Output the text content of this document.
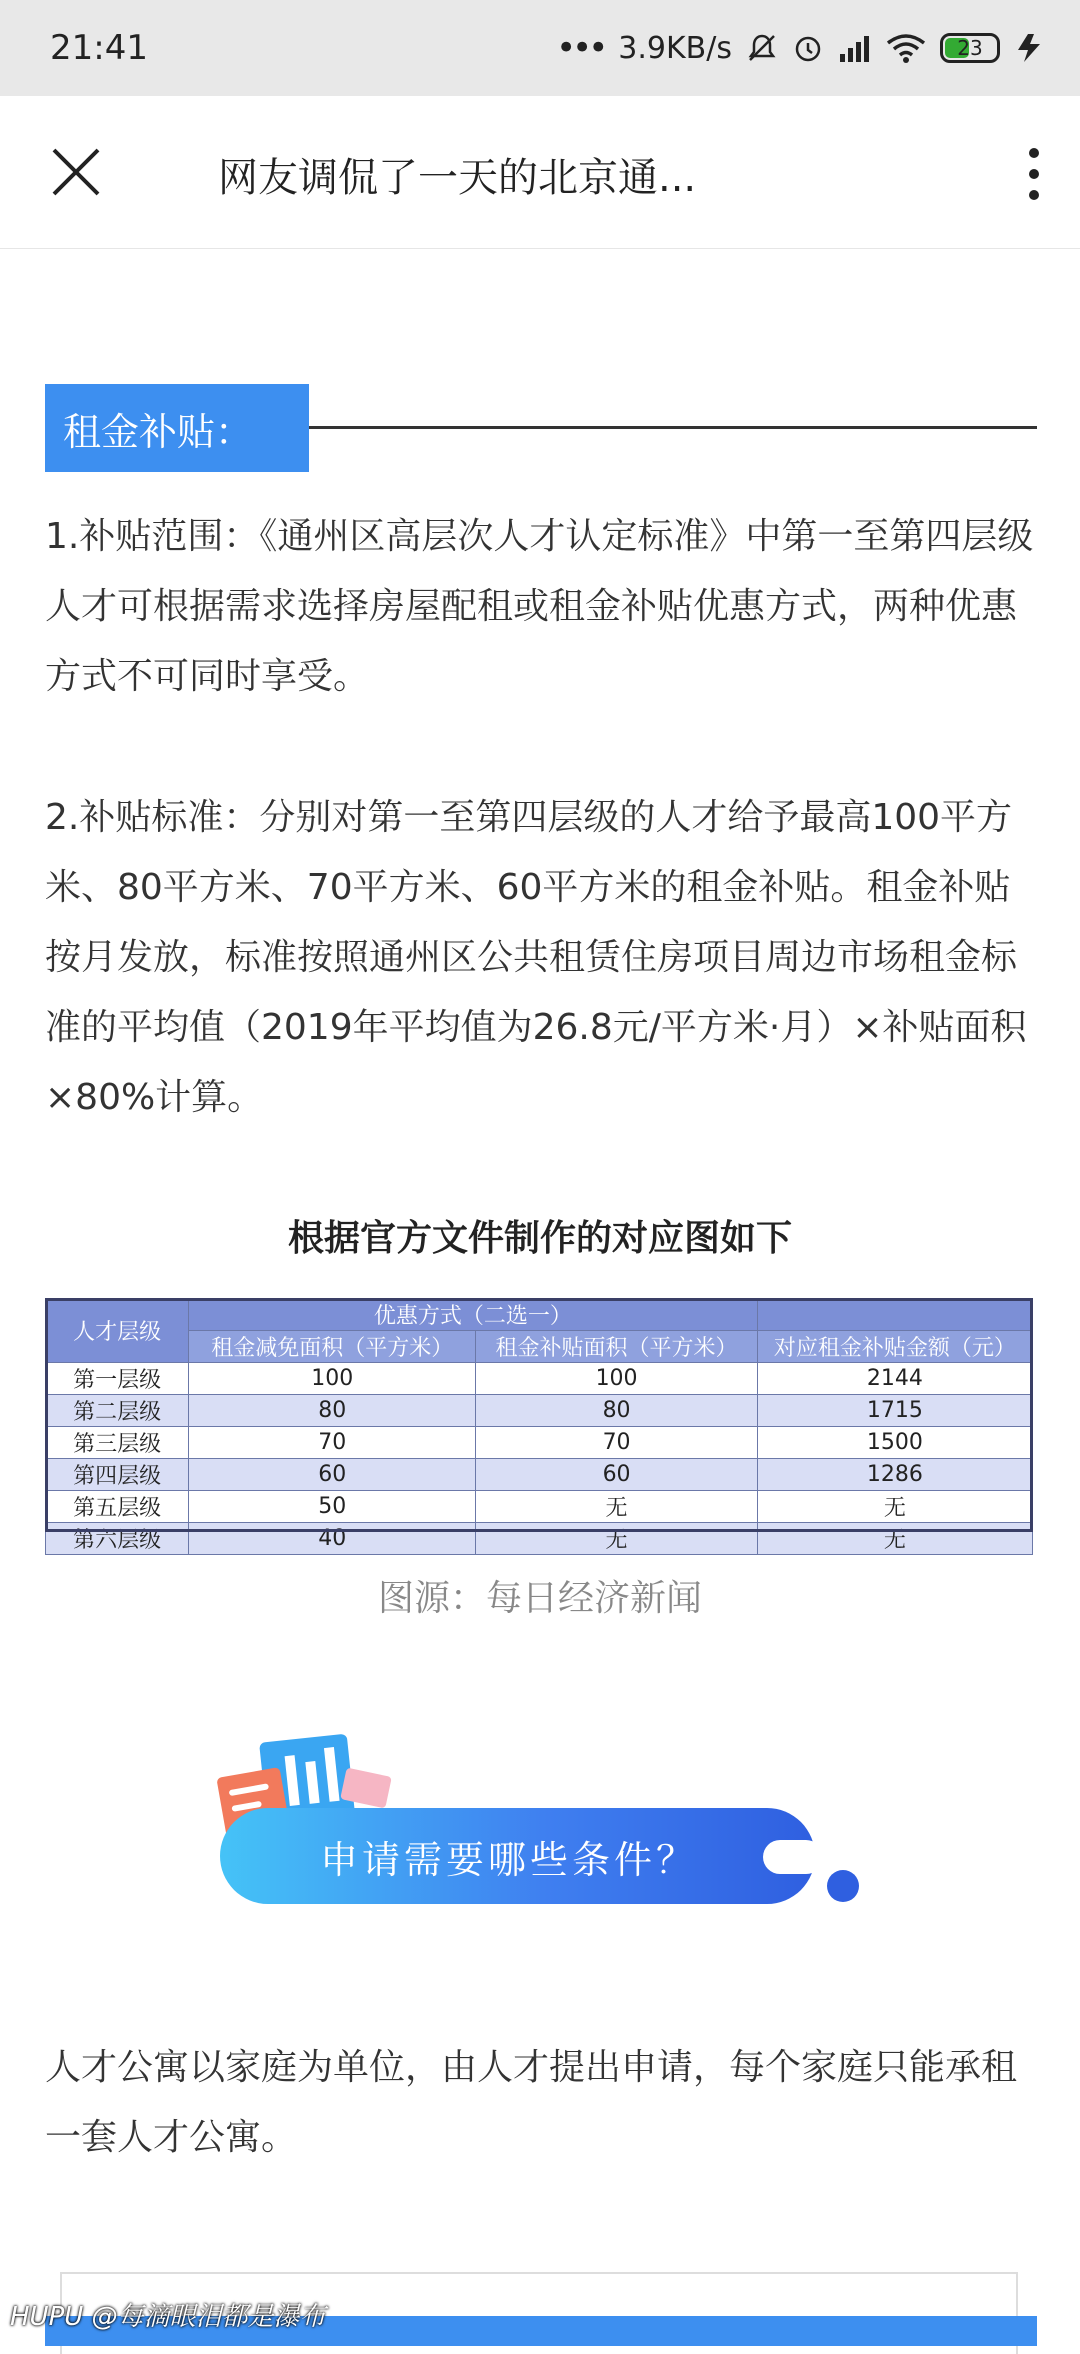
21:41	••• 3.9KB/s	23
网友调侃了一天的北京通...
租金补贴：
1.补贴范围：《通州区高层次人才认定标准》中第一至第四层级人才可根据需求选择房屋配租或租金补贴优惠方式，两种优惠方式不可同时享受。
2.补贴标准：分别对第一至第四层级的人才给予最高100平方米、80平方米、70平方米、60平方米的租金补贴。租金补贴按月发放，标准按照通州区公共租赁住房项目周边市场租金标准的平均值（2019年平均值为26.8元/平方米·月）×补贴面积×80%计算。
根据官方文件制作的对应图如下
人才层级	优惠方式（二选一）		
	租金减免面积（平方米）	租金补贴面积（平方米）	对应租金补贴金额（元）
第一层级	100	100	2144
第二层级	80	80	1715
第三层级	70	70	1500
第四层级	60	60	1286
第五层级	50	无	无
第六层级	40	无	无
图源：每日经济新闻
申请需要哪些条件？
人才公寓以家庭为单位，由人才提出申请，每个家庭只能承租一套人才公寓。
HUPU @每滴眼泪都是瀑布
